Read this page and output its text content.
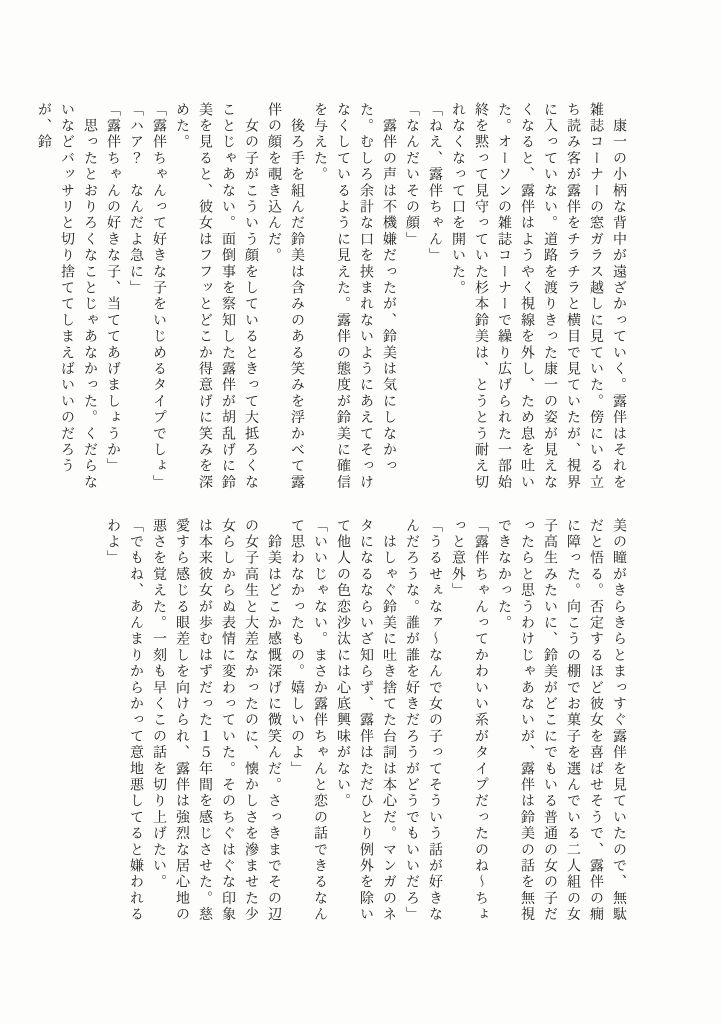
　康一の小柄な背中が遠ざかっていく。露伴はそれを雑誌コーナーの窓ガラス越しに見ていた。傍にいる立ち読み客が露伴をチラチラと横目で見ていたが、視界に入っていない。道路を渡りきった康一の姿が見えなくなると、露伴はようやく視線を外し、ため息を吐いた。オーソンの雑誌コーナーで繰り広げられた一部始終を黙って見守っていた杉本鈴美は、とうとう耐え切れなくなって口を開いた。

「ねえ、露伴ちゃん」

「なんだいその顔」

　露伴の声は不機嫌だったが、鈴美は気にしなかった。むしろ余計な口を挟まれないようにあえてそっけなくしているように見えた。露伴の態度が鈴美に確信を与えた。

　後ろ手を組んだ鈴美は含みのある笑みを浮かべて露伴の顔を覗き込んだ。

　女の子がこういう顔をしているときって大抵ろくなことじゃあない。面倒事を察知した露伴が胡乱げに鈴美を見ると、彼女はフフッとどこか得意げに笑みを深めた。

「露伴ちゃんって好きな子をいじめるタイプでしょ」

「ハア？　なんだよ急に」

「露伴ちゃんの好きな子、当ててあげましょうか」

　思ったとおりろくなことじゃあなかった。くだらないなどバッサリと切り捨ててしまえばいいのだろうが、鈴

美の瞳がきらきらとまっすぐ露伴を見ていたので、無駄だと悟る。否定するほど彼女を喜ばせそうで、露伴の癇に障った。向こうの棚でお菓子を選んでいる二人組の女子高生みたいに、鈴美がどこにでもいる普通の女の子だったらと思うわけじゃあないが、露伴は鈴美の話を無視できなかった。

「露伴ちゃんってかわいい系がタイプだったのね〜ちょっと意外」

「うるせぇなァ〜なんで女の子ってそういう話が好きなんだろうな。誰が誰を好きだろうがどうでもいいだろ」

　はしゃぐ鈴美に吐き捨てた台詞は本心だ。マンガのネタになるならいざ知らず、露伴はただひとり例外を除いて他人の色恋沙汰には心底興味がない。

「いいじゃない。まさか露伴ちゃんと恋の話できるなんて思わなかったもの。嬉しいのよ」

　鈴美はどこか感慨深げに微笑んだ。さっきまでその辺の女子高生と大差なかったのに、懐かしさを滲ませた少女らしからぬ表情に変わっていた。そのちぐはぐな印象は本来彼女が歩むはずだった１５年間を感じさせた。慈愛すら感じる眼差しを向けられ、露伴は強烈な居心地の悪さを覚えた。一刻も早くこの話を切り上げたい。

「でもね、あんまりからかって意地悪してると嫌われるわよ」
